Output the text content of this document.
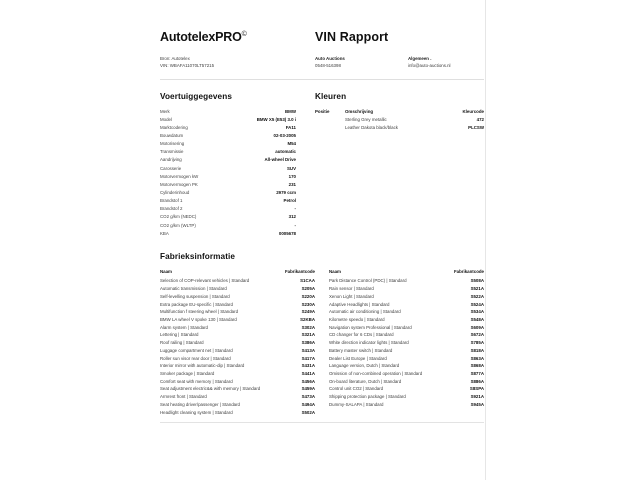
AutotelexPRO©	VIN Rapport
Bron: Autotelex
VIN: WBAFA11070LT57215
Auto Auctions
0548-516398
Algemeen .
info@auto-auctions.nl
Voertuiggegevens
Merk	BMW
Model	BMW X5 (E53) 3.0 i
Marktcodering	FA11
Bouwdatum	02-03-2005
Motorisering	M54
Transmissie	automatic
Aandrijving	All-wheel Drive
Carosserie	SUV
Motorvermogen kW	170
Motorvermogen PK	231
Cylinderinhoud	2979 ccm
Brandstof 1	Petrol
Brandstof 2	-
CO2 g/km (NEDC)	312
CO2 g/km (WLTP)	-
KBA	0005678
Kleuren
Positie	Omschrijving	Kleurcode
	Sterling Grey metallic	472
	Leather Dakota black/black	PLCSW
Fabrieksinformatie
Naam	Fabrikantcode
Selection of COP-relevant vehicles | Standard	S1CAA
Automatic transmission | Standard	S205A
Self-levelling suspension | Standard	S220A
Extra package EU-specific | Standard	S230A
Multifunction f steering wheel | Standard	S249A
BMW LA wheel V spoke 130 | Standard	S2KBA
Alarm system | Standard	S302A
Lettering | Standard	S321A
Roof railing | Standard	S386A
Luggage compartment net | Standard	S413A
Roller sun visor rear door | Standard	S417A
Interior mirror with automatic-dip | Standard	S431A
Smoker package | Standard	S441A
Comfort seat with memory | Standard	S456A
Seat adjustment electric&& with memory | Standard	S459A
Armrest front | Standard	S473A
Seat heating driver/passenger | Standard	S494A
Headlight cleaning system | Standard	S502A
Naam	Fabrikantcode
Park Distance Control (PDC) | Standard	S508A
Rain sensor | Standard	S521A
Xenon Light | Standard	S522A
Adaptive Headlights | Standard	S524A
Automatic air conditioning | Standard	S534A
Kilometre speedo | Standard	S548A
Navigation system Professional | Standard	S609A
CD changer for 6 CDs | Standard	S672A
White direction indicator lights | Standard	S785A
Battery master switch | Standard	S818A
Dealer List Europe | Standard	S863A
Language version, Dutch | Standard	S868A
Omission of non-combined operation | Standard	S877A
On-board literature, Dutch | Standard	S886A
Control unit CO2 | Standard	S8SPA
Shipping protection package | Standard	S921A
Dummy-SALAPA | Standard	S945A
